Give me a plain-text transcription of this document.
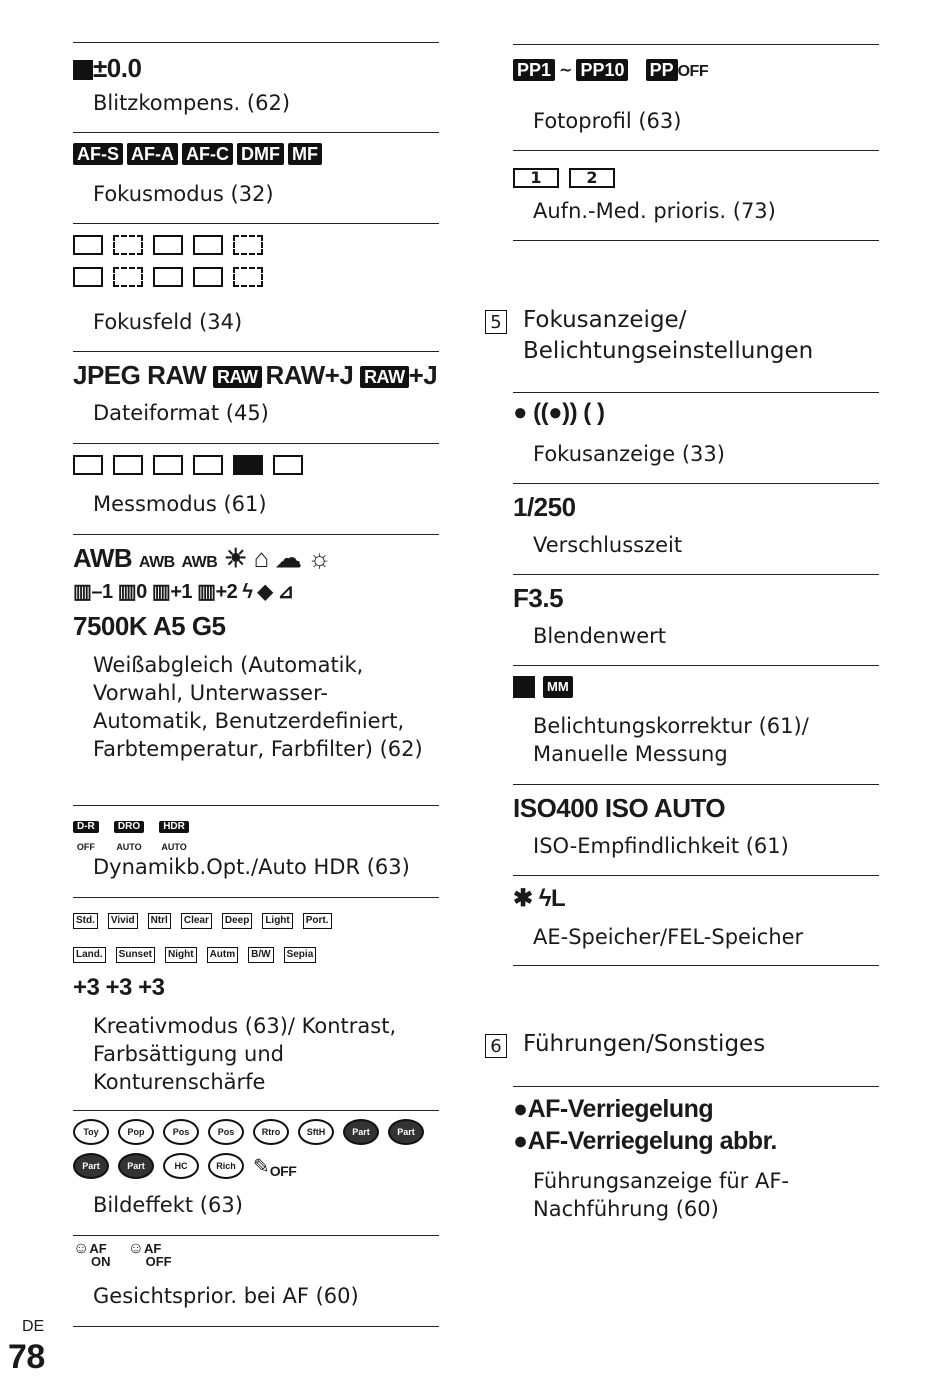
±0.0
Blitzkompens. (62)
AF-S AF-A AF-C DMF MF
Fokusmodus (32)
Fokusfeld (34)
JPEG RAW RAW RAW+J RAW +J
Dateiformat (45)
Messmodus (61)
AWB AWB AWB ☀ ⌂ ☁ ☼
▥–1 ▥0 ▥+1 ▥+2 ϟ ◆ ⊿
7500K A5 G5
Weißabgleich (Automatik, Vorwahl, Unterwasser-Automatik, Benutzerdefiniert, Farbtemperatur, Farbfilter) (62)
D-R
OFF DRO
AUTO HDR
AUTO
Dynamikb.Opt./Auto HDR (63)
Std. Vivid Ntrl Clear Deep Light Port.
Land. Sunset Night Autm B/W Sepia
+3 +3 +3
Kreativmodus (63)/ Kontrast, Farbsättigung und Konturenschärfe
Toy	Pop	Pos	Pos	Rtro	SftH	Part	Part
Part	Part	HC	Rich ✎OFF
Bildeffekt (63)
☺AF
ON ☺AF
OFF
Gesichtsprior. bei AF (60)
PP1 ~ PP10 PP OFF
Fotoprofil (63)
1	2
Aufn.-Med. prioris. (73)
5 Fokusanzeige/ Belichtungseinstellungen
● ((●)) ( )
Fokusanzeige (33)
1/250
Verschlusszeit
F3.5
Blendenwert
MM
Belichtungskorrektur (61)/ Manuelle Messung
ISO400 ISO AUTO
ISO-Empfindlichkeit (61)
✱ ϟL
AE-Speicher/FEL-Speicher
6 Führungen/Sonstiges
●AF-Verriegelung
●AF-Verriegelung abbr.
Führungsanzeige für AF-Nachführung (60)
DE
78
